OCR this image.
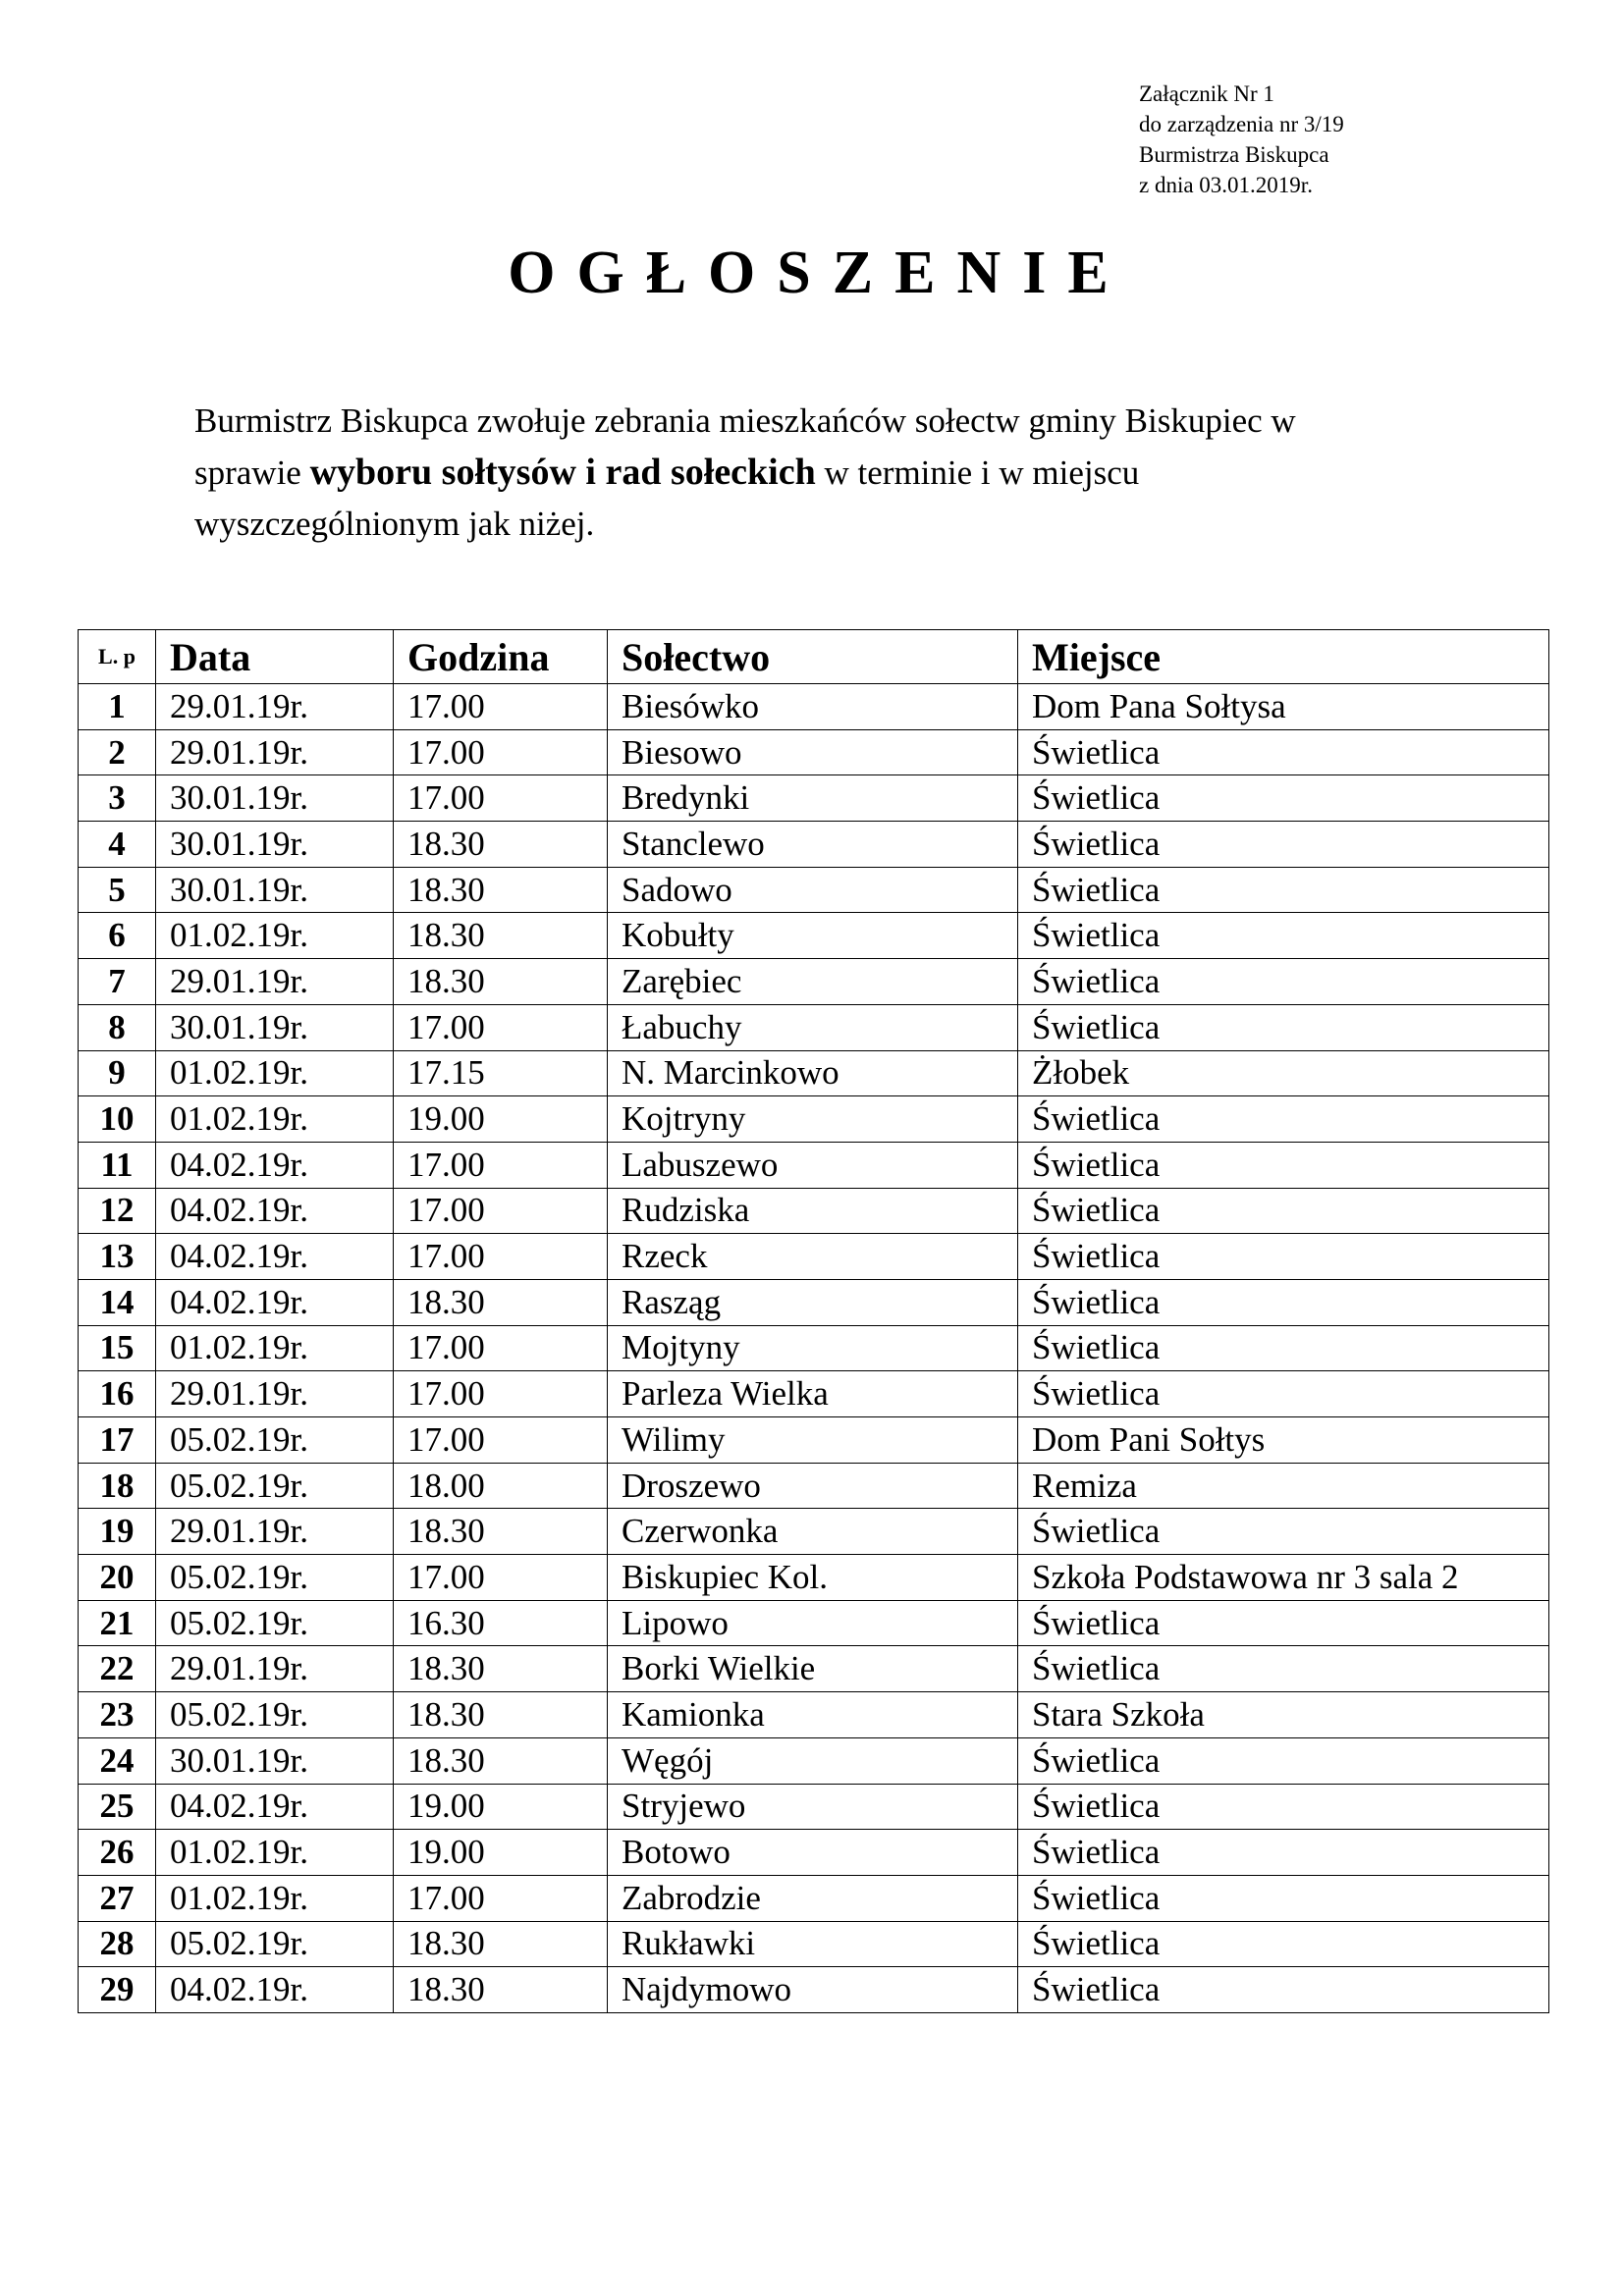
Załącznik Nr 1
do zarządzenia nr 3/19
Burmistrza Biskupca
z dnia 03.01.2019r.
OGŁOSZENIE
Burmistrz Biskupca zwołuje zebrania mieszkańców sołectw gminy Biskupiec w
sprawie wyboru sołtysów i rad sołeckich w terminie i w miejscu
wyszczególnionym jak niżej.
L. p	Data	Godzina	Sołectwo	Miejsce
1	29.01.19r.	17.00	Biesówko	Dom Pana Sołtysa
2	29.01.19r.	17.00	Biesowo	Świetlica
3	30.01.19r.	17.00	Bredynki	Świetlica
4	30.01.19r.	18.30	Stanclewo	Świetlica
5	30.01.19r.	18.30	Sadowo	Świetlica
6	01.02.19r.	18.30	Kobułty	Świetlica
7	29.01.19r.	18.30	Zarębiec	Świetlica
8	30.01.19r.	17.00	Łabuchy	Świetlica
9	01.02.19r.	17.15	N. Marcinkowo	Żłobek
10	01.02.19r.	19.00	Kojtryny	Świetlica
11	04.02.19r.	17.00	Labuszewo	Świetlica
12	04.02.19r.	17.00	Rudziska	Świetlica
13	04.02.19r.	17.00	Rzeck	Świetlica
14	04.02.19r.	18.30	Rasząg	Świetlica
15	01.02.19r.	17.00	Mojtyny	Świetlica
16	29.01.19r.	17.00	Parleza Wielka	Świetlica
17	05.02.19r.	17.00	Wilimy	Dom Pani Sołtys
18	05.02.19r.	18.00	Droszewo	Remiza
19	29.01.19r.	18.30	Czerwonka	Świetlica
20	05.02.19r.	17.00	Biskupiec Kol.	Szkoła Podstawowa nr 3 sala 2
21	05.02.19r.	16.30	Lipowo	Świetlica
22	29.01.19r.	18.30	Borki Wielkie	Świetlica
23	05.02.19r.	18.30	Kamionka	Stara Szkoła
24	30.01.19r.	18.30	Węgój	Świetlica
25	04.02.19r.	19.00	Stryjewo	Świetlica
26	01.02.19r.	19.00	Botowo	Świetlica
27	01.02.19r.	17.00	Zabrodzie	Świetlica
28	05.02.19r.	18.30	Rukławki	Świetlica
29	04.02.19r.	18.30	Najdymowo	Świetlica
